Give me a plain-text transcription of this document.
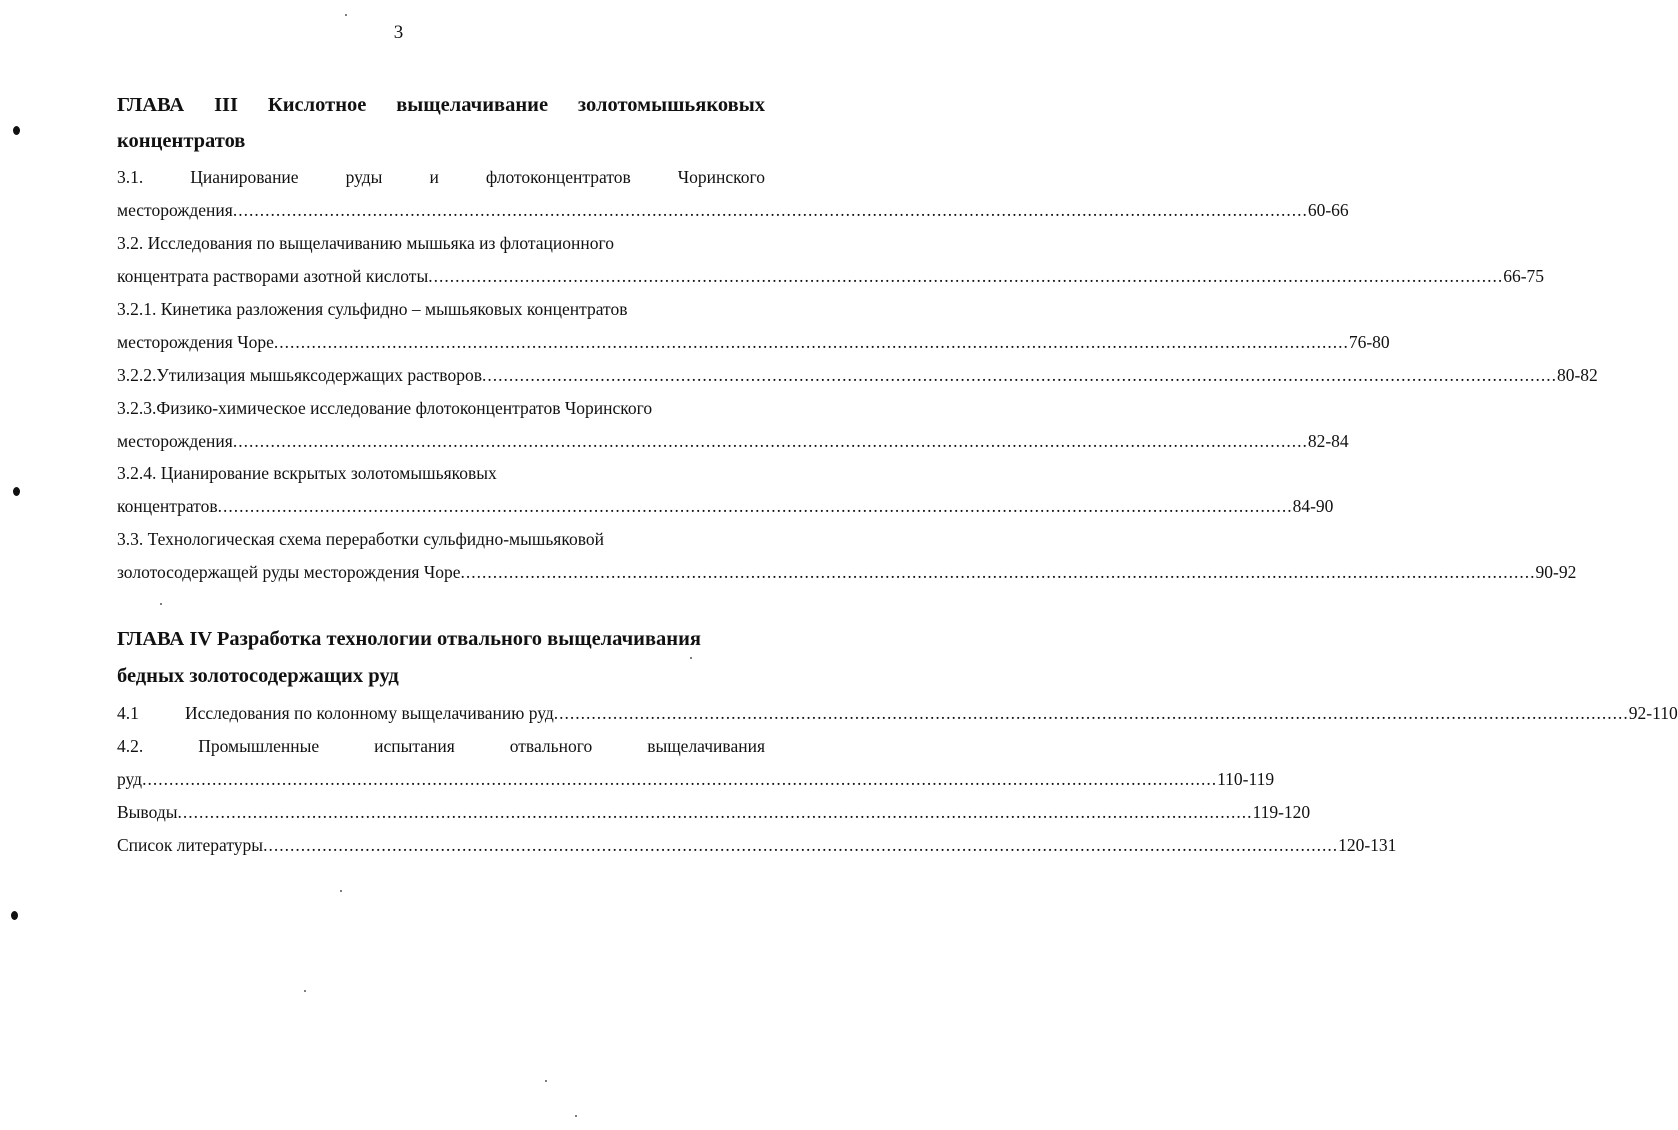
3
ГЛАВА III Кислотное выщелачивание золотомышьяковых
концентратов
3.1.	Цианирование	руды	и	флотоконцентратов	Чоринского
месторождения ........................................................................................................................................................................................................ 60-66
3.2. Исследования по выщелачиванию мышьяка из флотационного
концентрата растворами азотной кислоты ........................................................................................................................................................................................................ 66-75
3.2.1. Кинетика разложения сульфидно – мышьяковых концентратов
месторождения Чоре ........................................................................................................................................................................................................ 76-80
3.2.2.Утилизация мышьяксодержащих растворов ........................................................................................................................................................................................................ 80-82
3.2.3.Физико-химическое исследование флотоконцентратов Чоринского
месторождения ........................................................................................................................................................................................................ 82-84
3.2.4. Цианирование вскрытых золотомышьяковых
концентратов ........................................................................................................................................................................................................ 84-90
3.3. Технологическая схема переработки сульфидно-мышьяковой
золотосодержащей руды месторождения Чоре ........................................................................................................................................................................................................ 90-92
ГЛАВА IV Разработка технологии отвального выщелачивания
бедных золотосодержащих руд
4.1	Исследования по колонному выщелачиванию руд ........................................................................................................................................................................................................ 92-110
4.2.	Промышленные	испытания	отвального	выщелачивания
руд ........................................................................................................................................................................................................ 110-119
Выводы ........................................................................................................................................................................................................ 119-120
Список литературы ........................................................................................................................................................................................................ 120-131
